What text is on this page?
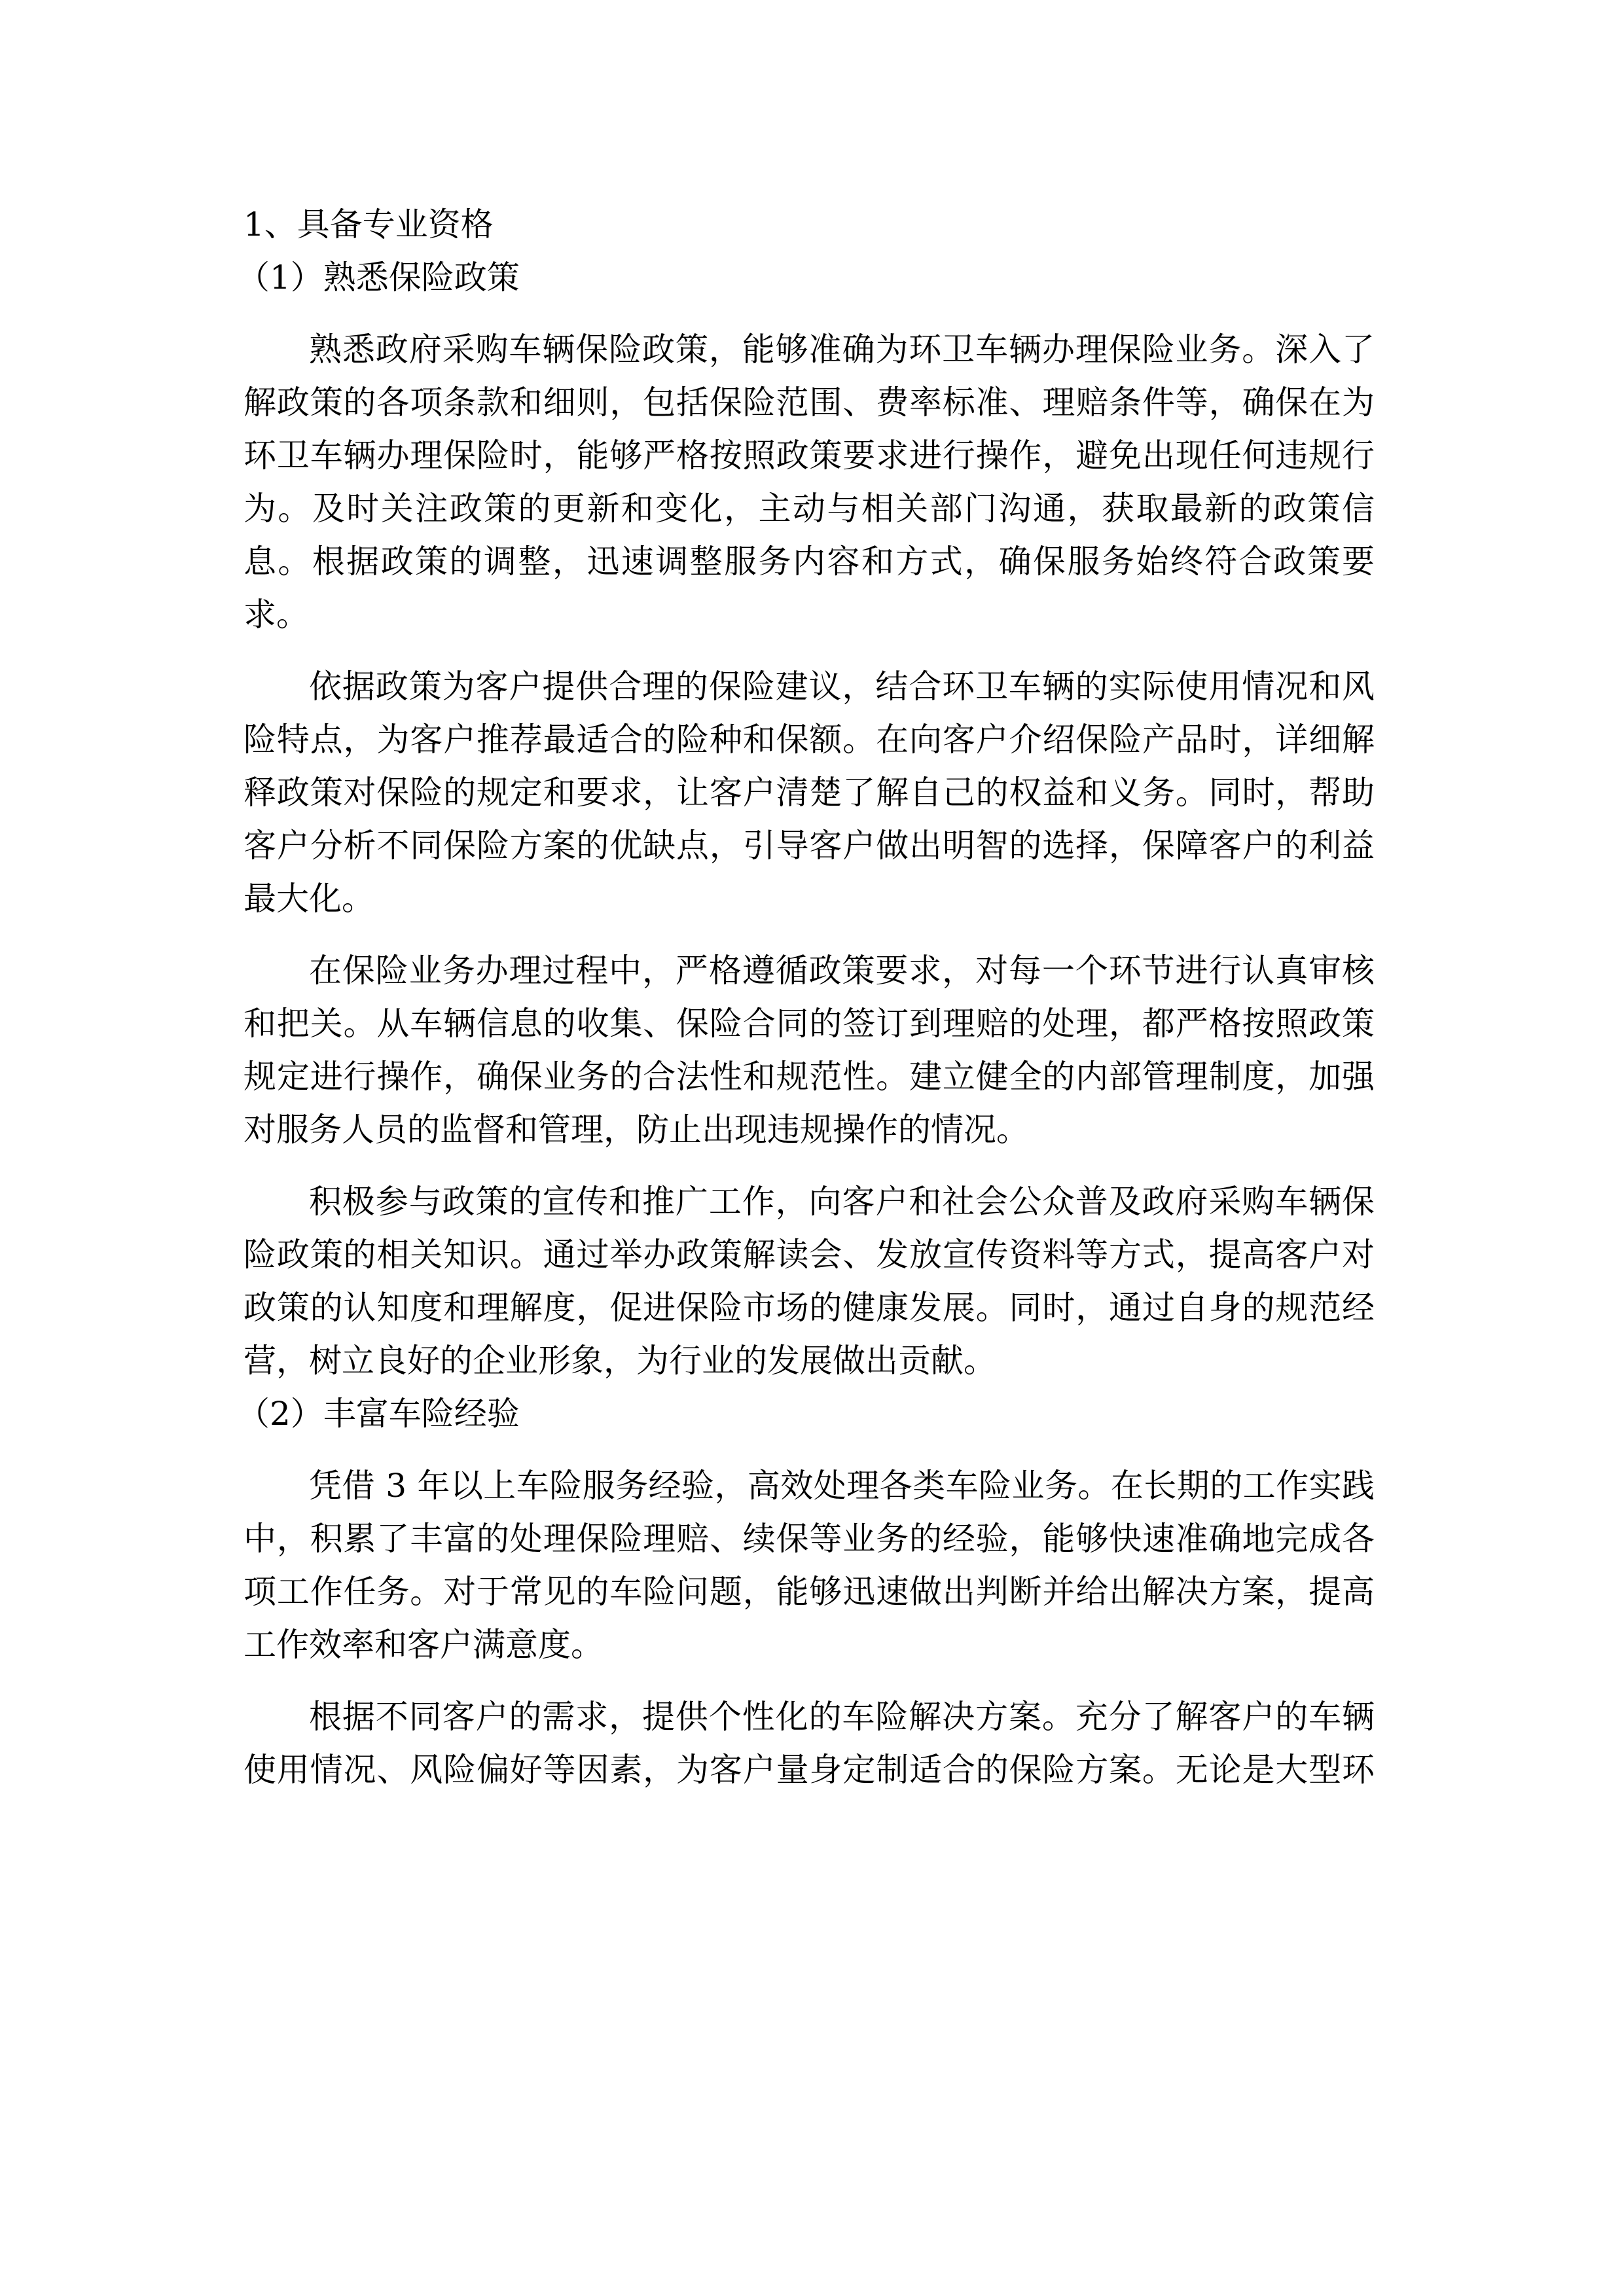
1、具备专业资格
（1）熟悉保险政策
熟悉政府采购车辆保险政策，能够准确为环卫车辆办理保险业务。深入了
解政策的各项条款和细则，包括保险范围、费率标准、理赔条件等，确保在为
环卫车辆办理保险时，能够严格按照政策要求进行操作，避免出现任何违规行
为。及时关注政策的更新和变化，主动与相关部门沟通，获取最新的政策信
息。根据政策的调整，迅速调整服务内容和方式，确保服务始终符合政策要
求。
依据政策为客户提供合理的保险建议，结合环卫车辆的实际使用情况和风
险特点，为客户推荐最适合的险种和保额。在向客户介绍保险产品时，详细解
释政策对保险的规定和要求，让客户清楚了解自己的权益和义务。同时，帮助
客户分析不同保险方案的优缺点，引导客户做出明智的选择，保障客户的利益
最大化。
在保险业务办理过程中，严格遵循政策要求，对每一个环节进行认真审核
和把关。从车辆信息的收集、保险合同的签订到理赔的处理，都严格按照政策
规定进行操作，确保业务的合法性和规范性。建立健全的内部管理制度，加强
对服务人员的监督和管理，防止出现违规操作的情况。
积极参与政策的宣传和推广工作，向客户和社会公众普及政府采购车辆保
险政策的相关知识。通过举办政策解读会、发放宣传资料等方式，提高客户对
政策的认知度和理解度，促进保险市场的健康发展。同时，通过自身的规范经
营，树立良好的企业形象，为行业的发展做出贡献。
（2）丰富车险经验
凭借 3 年以上车险服务经验，高效处理各类车险业务。在长期的工作实践
中，积累了丰富的处理保险理赔、续保等业务的经验，能够快速准确地完成各
项工作任务。对于常见的车险问题，能够迅速做出判断并给出解决方案，提高
工作效率和客户满意度。
根据不同客户的需求，提供个性化的车险解决方案。充分了解客户的车辆
使用情况、风险偏好等因素，为客户量身定制适合的保险方案。无论是大型环
